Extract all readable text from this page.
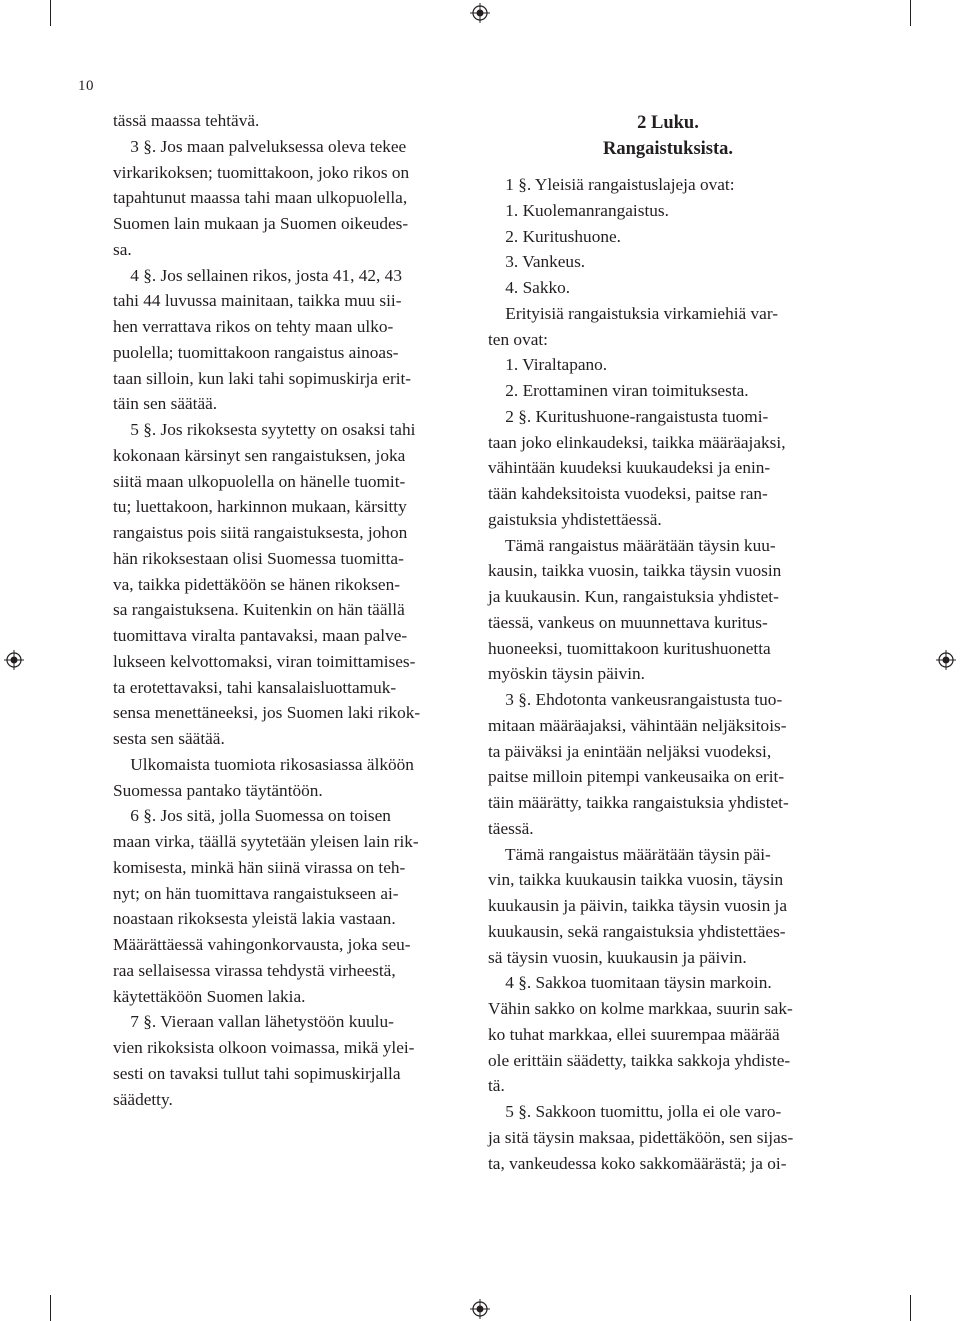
10
tässä maassa tehtävä.
3 §. Jos maan palveluksessa oleva tekee
virkarikoksen; tuomittakoon, joko rikos on
tapahtunut maassa tahi maan ulkopuolella,
Suomen lain mukaan ja Suomen oikeudes-
sa.
4 §. Jos sellainen rikos, josta 41, 42, 43
tahi 44 luvussa mainitaan, taikka muu sii-
hen verrattava rikos on tehty maan ulko-
puolella; tuomittakoon rangaistus ainoas-
taan silloin, kun laki tahi sopimuskirja erit-
täin sen säätää.
5 §. Jos rikoksesta syytetty on osaksi tahi
kokonaan kärsinyt sen rangaistuksen, joka
siitä maan ulkopuolella on hänelle tuomit-
tu; luettakoon, harkinnon mukaan, kärsitty
rangaistus pois siitä rangaistuksesta, johon
hän rikoksestaan olisi Suomessa tuomitta-
va, taikka pidettäköön se hänen rikoksen-
sa rangaistuksena. Kuitenkin on hän täällä
tuomittava viralta pantavaksi, maan palve-
lukseen kelvottomaksi, viran toimittamises-
ta erotettavaksi, tahi kansalaisluottamuk-
sensa menettäneeksi, jos Suomen laki rikok-
sesta sen säätää.
Ulkomaista tuomiota rikosasiassa älköön
Suomessa pantako täytäntöön.
6 §. Jos sitä, jolla Suomessa on toisen
maan virka, täällä syytetään yleisen lain rik-
komisesta, minkä hän siinä virassa on teh-
nyt; on hän tuomittava rangaistukseen ai-
noastaan rikoksesta yleistä lakia vastaan.
Määrättäessä vahingonkorvausta, joka seu-
raa sellaisessa virassa tehdystä virheestä,
käytettäköön Suomen lakia.
7 §. Vieraan vallan lähetystöön kuulu-
vien rikoksista olkoon voimassa, mikä ylei-
sesti on tavaksi tullut tahi sopimuskirjalla
säädetty.
2 Luku.
Rangaistuksista.
1 §. Yleisiä rangaistuslajeja ovat:
1. Kuolemanrangaistus.
2. Kuritushuone.
3. Vankeus.
4. Sakko.
Erityisiä rangaistuksia virkamiehiä var-
ten ovat:
1. Viraltapano.
2. Erottaminen viran toimituksesta.
2 §. Kuritushuone-rangaistusta tuomi-
taan joko elinkaudeksi, taikka määräajaksi,
vähintään kuudeksi kuukaudeksi ja enin-
tään kahdeksitoista vuodeksi, paitse ran-
gaistuksia yhdistettäessä.
Tämä rangaistus määrätään täysin kuu-
kausin, taikka vuosin, taikka täysin vuosin
ja kuukausin. Kun, rangaistuksia yhdistet-
täessä, vankeus on muunnettava kuritus-
huoneeksi, tuomittakoon kuritushuonetta
myöskin täysin päivin.
3 §. Ehdotonta vankeusrangaistusta tuo-
mitaan määräajaksi, vähintään neljäksitois-
ta päiväksi ja enintään neljäksi vuodeksi,
paitse milloin pitempi vankeusaika on erit-
täin määrätty, taikka rangaistuksia yhdistet-
täessä.
Tämä rangaistus määrätään täysin päi-
vin, taikka kuukausin taikka vuosin, täysin
kuukausin ja päivin, taikka täysin vuosin ja
kuukausin, sekä rangaistuksia yhdistettäes-
sä täysin vuosin, kuukausin ja päivin.
4 §. Sakkoa tuomitaan täysin markoin.
Vähin sakko on kolme markkaa, suurin sak-
ko tuhat markkaa, ellei suurempaa määrää
ole erittäin säädetty, taikka sakkoja yhdiste-
tä.
5 §. Sakkoon tuomittu, jolla ei ole varo-
ja sitä täysin maksaa, pidettäköön, sen sijas-
ta, vankeudessa koko sakkomäärästä; ja oi-
